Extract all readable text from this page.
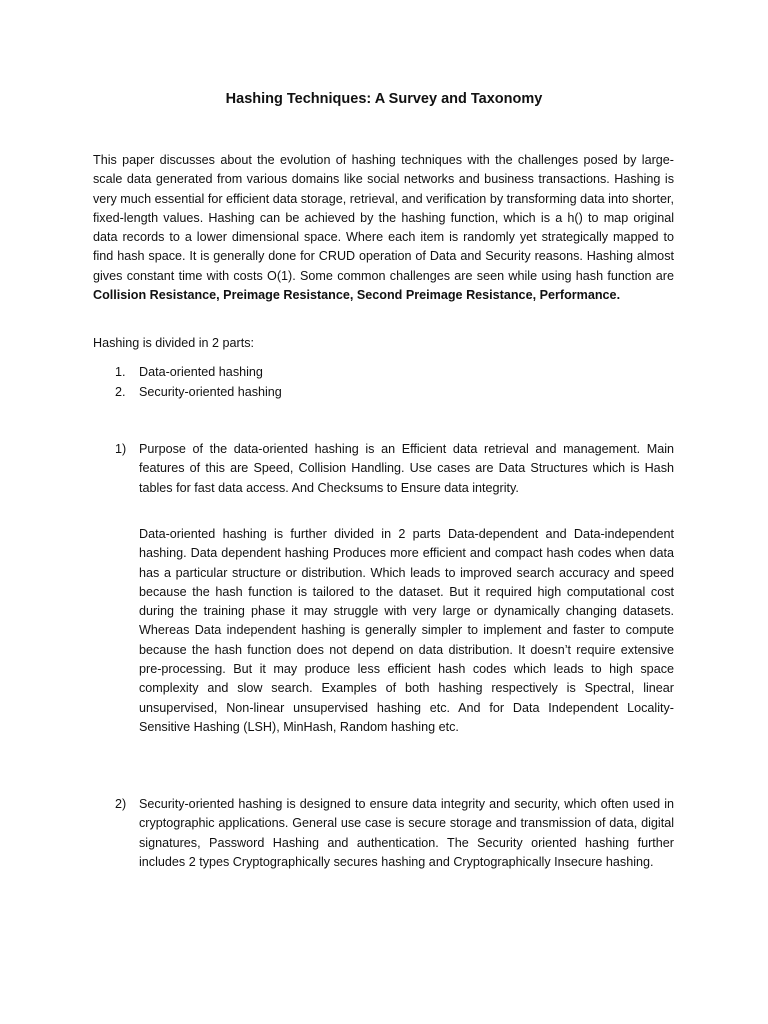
Hashing Techniques: A Survey and Taxonomy

This paper discusses about the evolution of hashing techniques with the challenges posed by large-scale data generated from various domains like social networks and business transactions. Hashing is very much essential for efficient data storage, retrieval, and verification by transforming data into shorter, fixed-length values. Hashing can be achieved by the hashing function, which is a h() to map original data records to a lower dimensional space. Where each item is randomly yet strategically mapped to find hash space. It is generally done for CRUD operation of Data and Security reasons. Hashing almost gives constant time with costs O(1). Some common challenges are seen while using hash function are Collision Resistance, Preimage Resistance, Second Preimage Resistance, Performance.

Hashing is divided in 2 parts:

1. Data-oriented hashing
2. Security-oriented hashing
1) Purpose of the data-oriented hashing is an Efficient data retrieval and management. Main features of this are Speed, Collision Handling. Use cases are Data Structures which is Hash tables for fast data access. And Checksums to Ensure data integrity.

Data-oriented hashing is further divided in 2 parts Data-dependent and Data-independent hashing. Data dependent hashing Produces more efficient and compact hash codes when data has a particular structure or distribution. Which leads to improved search accuracy and speed because the hash function is tailored to the dataset. But it required high computational cost during the training phase it may struggle with very large or dynamically changing datasets. Whereas Data independent hashing is generally simpler to implement and faster to compute because the hash function does not depend on data distribution. It doesn’t require extensive pre-processing. But it may produce less efficient hash codes which leads to high space complexity and slow search. Examples of both hashing respectively is Spectral, linear unsupervised, Non-linear unsupervised hashing etc. And for Data Independent Locality-Sensitive Hashing (LSH), MinHash, Random hashing etc.

2) Security-oriented hashing is designed to ensure data integrity and security, which often used in cryptographic applications. General use case is secure storage and transmission of data, digital signatures, Password Hashing and authentication. The Security oriented hashing further includes 2 types Cryptographically secures hashing and Cryptographically Insecure hashing.
